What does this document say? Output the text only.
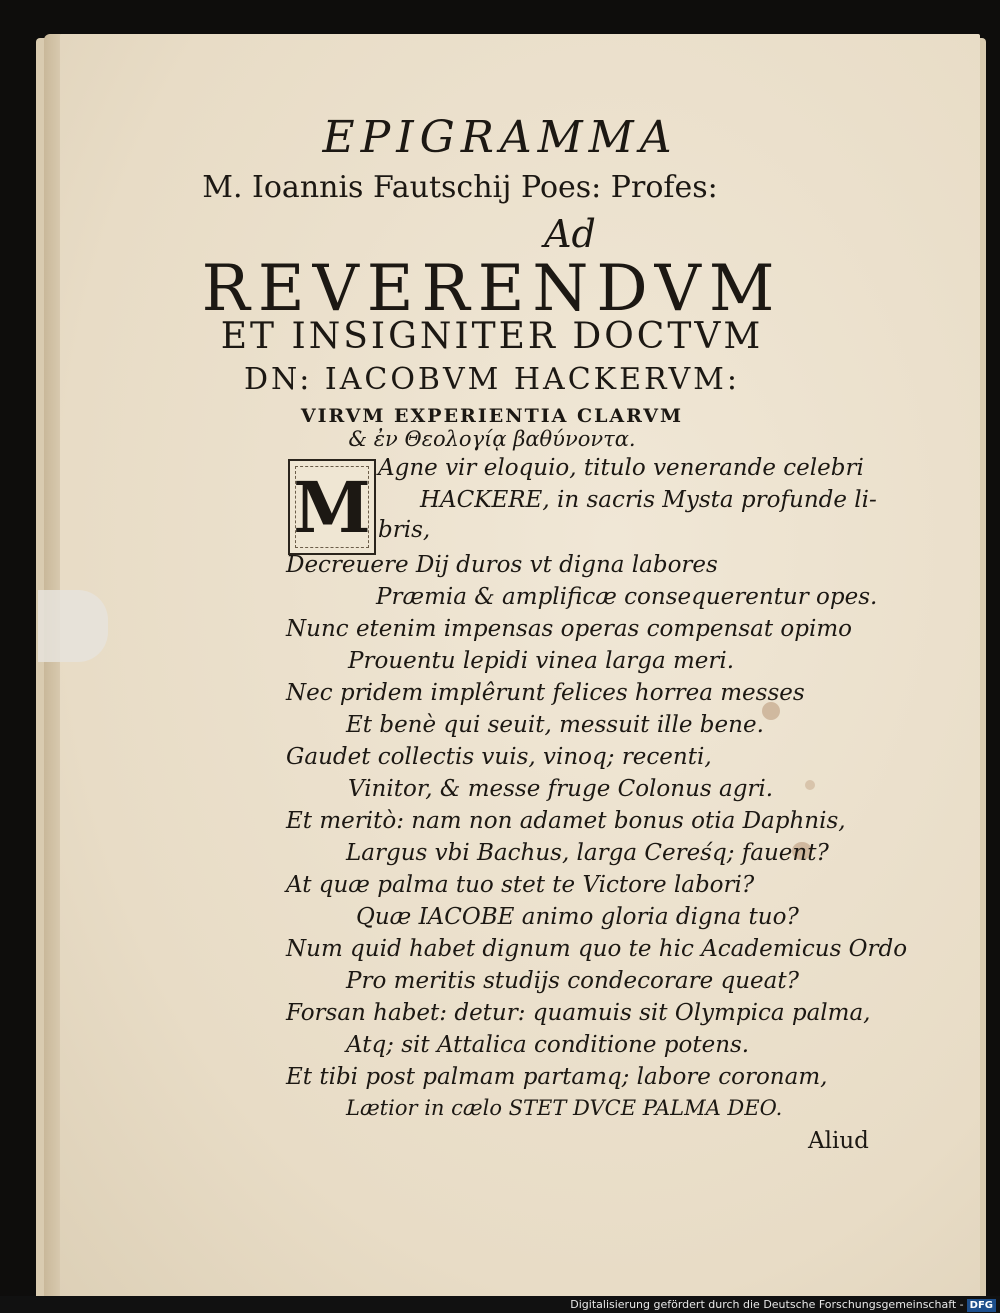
EPIGRAMMA
M. Ioannis Fautschij Poes: Profes:
Ad
REVERENDVM
ET INSIGNITER DOCTVM
DN: IACOBVM HACKERVM:
VIRVM EXPERIENTIA CLARVM
& ἐν Θεολογίᾳ βαθύνοντα.
M Agne vir eloquio, titulo venerande celebri
HACKERE, in sacris Mysta profunde li-
bris,
Decreuere Dij duros vt digna labores
Præmia & amplificæ consequerentur opes.
Nunc etenim impensas operas compensat opimo
Prouentu lepidi vinea larga meri.
Nec pridem implêrunt felices horrea messes
Et benè qui seuit, messuit ille bene.
Gaudet collectis vuis, vinoq; recenti,
Vinitor, & messe fruge Colonus agri.
Et meritò: nam non adamet bonus otia Daphnis,
Largus vbi Bachus, larga Cereśq; fauent?
At quæ palma tuo stet te Victore labori?
Quæ IACOBE animo gloria digna tuo?
Num quid habet dignum quo te hic Academicus Ordo
Pro meritis studijs condecorare queat?
Forsan habet: detur: quamuis sit Olympica palma,
Atq; sit Attalica conditione potens.
Et tibi post palmam partamq; labore coronam,
Lætior in cælo STET DVCE PALMA DEO.
Aliud
Digitalisierung gefördert durch die Deutsche Forschungsgemeinschaft - DFG
